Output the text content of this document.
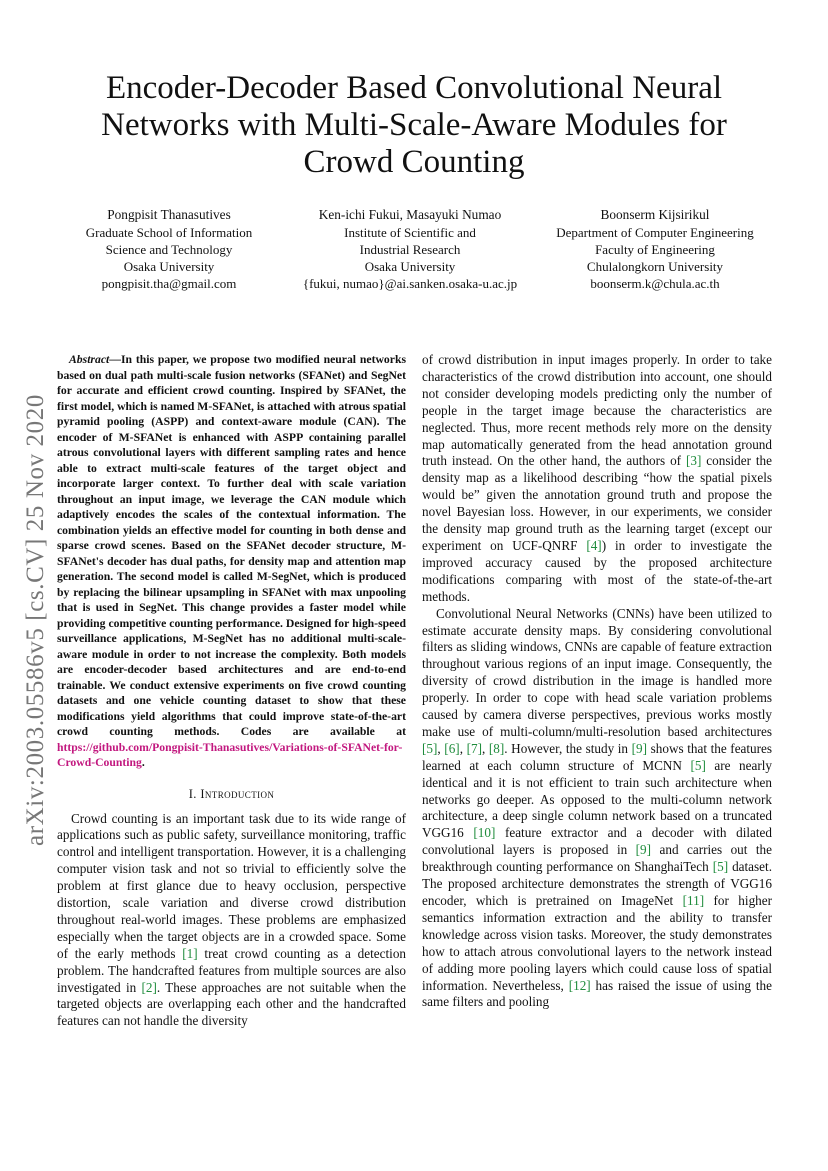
Encoder-Decoder Based Convolutional Neural Networks with Multi-Scale-Aware Modules for Crowd Counting
Pongpisit Thanasutives
Graduate School of Information
Science and Technology
Osaka University
pongpisit.tha@gmail.com
Ken-ichi Fukui, Masayuki Numao
Institute of Scientific and
Industrial Research
Osaka University
{fukui, numao}@ai.sanken.osaka-u.ac.jp
Boonserm Kijsirikul
Department of Computer Engineering
Faculty of Engineering
Chulalongkorn University
boonserm.k@chula.ac.th
arXiv:2003.05586v5 [cs.CV] 25 Nov 2020

Abstract—In this paper, we propose two modified neural networks based on dual path multi-scale fusion networks (SFANet) and SegNet for accurate and efficient crowd counting. Inspired by SFANet, the first model, which is named M-SFANet, is attached with atrous spatial pyramid pooling (ASPP) and context-aware module (CAN). The encoder of M-SFANet is enhanced with ASPP containing parallel atrous convolutional layers with different sampling rates and hence able to extract multi-scale features of the target object and incorporate larger context. To further deal with scale variation throughout an input image, we leverage the CAN module which adaptively encodes the scales of the contextual information. The combination yields an effective model for counting in both dense and sparse crowd scenes. Based on the SFANet decoder structure, M-SFANet's decoder has dual paths, for density map and attention map generation. The second model is called M-SegNet, which is produced by replacing the bilinear upsampling in SFANet with max unpooling that is used in SegNet. This change provides a faster model while providing competitive counting performance. Designed for high-speed surveillance applications, M-SegNet has no additional multi-scale-aware module in order to not increase the complexity. Both models are encoder-decoder based architectures and are end-to-end trainable. We conduct extensive experiments on five crowd counting datasets and one vehicle counting dataset to show that these modifications yield algorithms that could improve state-of-the-art crowd counting methods. Codes are available at https://github.com/Pongpisit-Thanasutives/Variations-of-SFANet-for-Crowd-Counting.

I. Introduction

Crowd counting is an important task due to its wide range of applications such as public safety, surveillance monitoring, traffic control and intelligent transportation. However, it is a challenging computer vision task and not so trivial to efficiently solve the problem at first glance due to heavy occlusion, perspective distortion, scale variation and diverse crowd distribution throughout real-world images. These problems are emphasized especially when the target objects are in a crowded space. Some of the early methods [1] treat crowd counting as a detection problem. The handcrafted features from multiple sources are also investigated in [2]. These approaches are not suitable when the targeted objects are overlapping each other and the handcrafted features can not handle the diversity

of crowd distribution in input images properly. In order to take characteristics of the crowd distribution into account, one should not consider developing models predicting only the number of people in the target image because the characteristics are neglected. Thus, more recent methods rely more on the density map automatically generated from the head annotation ground truth instead. On the other hand, the authors of [3] consider the density map as a likelihood describing “how the spatial pixels would be” given the annotation ground truth and propose the novel Bayesian loss. However, in our experiments, we consider the density map ground truth as the learning target (except our experiment on UCF-QNRF [4]) in order to investigate the improved accuracy caused by the proposed architecture modifications comparing with most of the state-of-the-art methods.

Convolutional Neural Networks (CNNs) have been utilized to estimate accurate density maps. By considering convolutional filters as sliding windows, CNNs are capable of feature extraction throughout various regions of an input image. Consequently, the diversity of crowd distribution in the image is handled more properly. In order to cope with head scale variation problems caused by camera diverse perspectives, previous works mostly make use of multi-column/multi-resolution based architectures [5], [6], [7], [8]. However, the study in [9] shows that the features learned at each column structure of MCNN [5] are nearly identical and it is not efficient to train such architecture when networks go deeper. As opposed to the multi-column network architecture, a deep single column network based on a truncated VGG16 [10] feature extractor and a decoder with dilated convolutional layers is proposed in [9] and carries out the breakthrough counting performance on ShanghaiTech [5] dataset. The proposed architecture demonstrates the strength of VGG16 encoder, which is pretrained on ImageNet [11] for higher semantics information extraction and the ability to transfer knowledge across vision tasks. Moreover, the study demonstrates how to attach atrous convolutional layers to the network instead of adding more pooling layers which could cause loss of spatial information. Nevertheless, [12] has raised the issue of using the same filters and pooling
